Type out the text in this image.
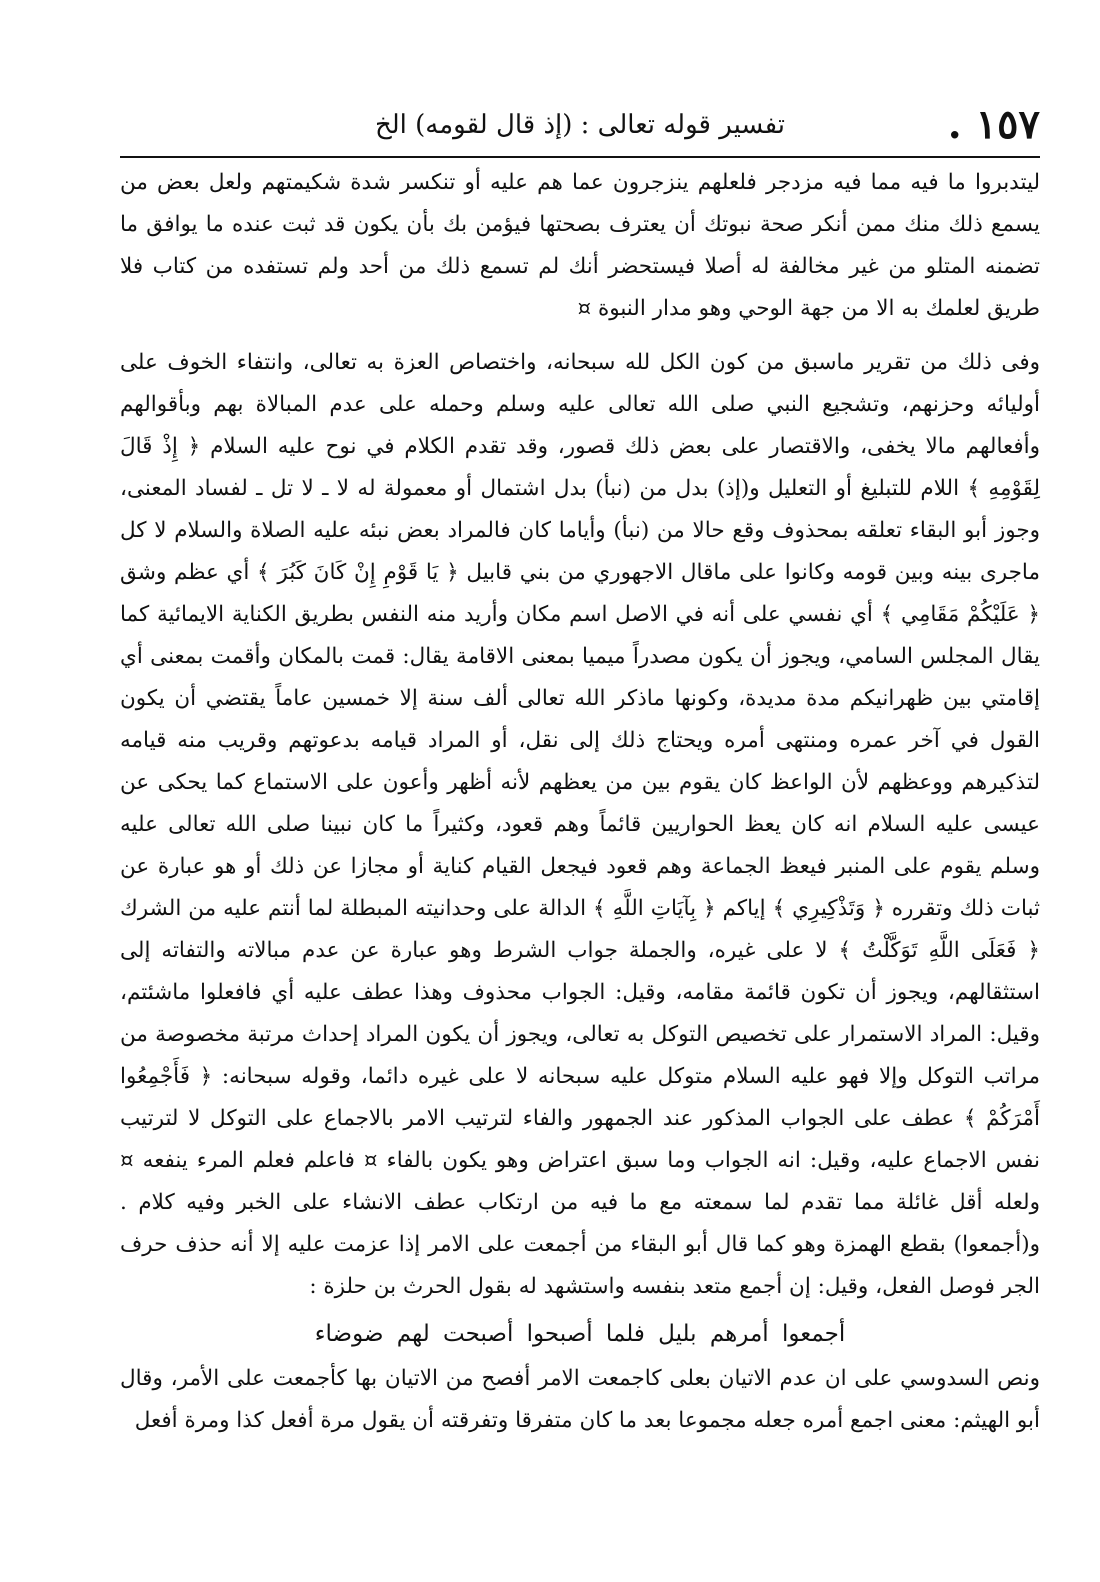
١٥٧ .
تفسير قوله تعالى : (إذ قال لقومه) الخ

ليتدبروا ما فيه مما فيه مزدجر فلعلهم ينزجرون عما هم عليه أو تنكسر شدة شكيمتهم ولعل بعض من يسمع ذلك منك ممن أنكر صحة نبوتك أن يعترف بصحتها فيؤمن بك بأن يكون قد ثبت عنده ما يوافق ما تضمنه المتلو من غير مخالفة له أصلا فيستحضر أنك لم تسمع ذلك من أحد ولم تستفده من كتاب فلا طريق لعلمك به الا من جهة الوحي وهو مدار النبوة ¤

وفى ذلك من تقرير ماسبق من كون الكل لله سبحانه، واختصاص العزة به تعالى، وانتفاء الخوف على أوليائه وحزنهم، وتشجيع النبي صلى الله تعالى عليه وسلم وحمله على عدم المبالاة بهم وبأقوالهم وأفعالهم مالا يخفى، والاقتصار على بعض ذلك قصور، وقد تقدم الكلام في نوح عليه السلام ﴿ إِذْ قَالَ لِقَوْمِهِ ﴾ اللام للتبليغ أو التعليل و(إذ) بدل من (نبأ) بدل اشتمال أو معمولة له لا ـ لا تل ـ لفساد المعنى، وجوز أبو البقاء تعلقه بمحذوف وقع حالا من (نبأ) وأياما كان فالمراد بعض نبئه عليه الصلاة والسلام لا كل ماجرى بينه وبين قومه وكانوا على ماقال الاجهوري من بني قابيل ﴿ يَا قَوْمِ إِنْ كَانَ كَبُرَ ﴾ أي عظم وشق ﴿ عَلَيْكُمْ مَقَامِي ﴾ أي نفسي على أنه في الاصل اسم مكان وأريد منه النفس بطريق الكناية الايمائية كما يقال المجلس السامي، ويجوز أن يكون مصدراً ميميا بمعنى الاقامة يقال: قمت بالمكان وأقمت بمعنى أي إقامتي بين ظهرانيكم مدة مديدة، وكونها ماذكر الله تعالى ألف سنة إلا خمسين عاماً يقتضي أن يكون القول في آخر عمره ومنتهى أمره ويحتاج ذلك إلى نقل، أو المراد قيامه بدعوتهم وقريب منه قيامه لتذكيرهم ووعظهم لأن الواعظ كان يقوم بين من يعظهم لأنه أظهر وأعون على الاستماع كما يحكى عن عيسى عليه السلام انه كان يعظ الحواريين قائماً وهم قعود، وكثيراً ما كان نبينا صلى الله تعالى عليه وسلم يقوم على المنبر فيعظ الجماعة وهم قعود فيجعل القيام كناية أو مجازا عن ذلك أو هو عبارة عن ثبات ذلك وتقرره ﴿ وَتَذْكِيرِي ﴾ إياكم ﴿ بِآيَاتِ اللَّهِ ﴾ الدالة على وحدانيته المبطلة لما أنتم عليه من الشرك ﴿ فَعَلَى اللَّهِ تَوَكَّلْتُ ﴾ لا على غيره، والجملة جواب الشرط وهو عبارة عن عدم مبالاته والتفاته إلى استثقالهم، ويجوز أن تكون قائمة مقامه، وقيل: الجواب محذوف وهذا عطف عليه أي فافعلوا ماشئتم، وقيل: المراد الاستمرار على تخصيص التوكل به تعالى، ويجوز أن يكون المراد إحداث مرتبة مخصوصة من مراتب التوكل وإلا فهو عليه السلام متوكل عليه سبحانه لا على غيره دائما، وقوله سبحانه: ﴿ فَأَجْمِعُوا أَمْرَكُمْ ﴾ عطف على الجواب المذكور عند الجمهور والفاء لترتيب الامر بالاجماع على التوكل لا لترتيب نفس الاجماع عليه، وقيل: انه الجواب وما سبق اعتراض وهو يكون بالفاء ¤ فاعلم فعلم المرء ينفعه ¤ ولعله أقل غائلة مما تقدم لما سمعته مع ما فيه من ارتكاب عطف الانشاء على الخبر وفيه كلام . و(أجمعوا) بقطع الهمزة وهو كما قال أبو البقاء من أجمعت على الامر إذا عزمت عليه إلا أنه حذف حرف الجر فوصل الفعل، وقيل: إن أجمع متعد بنفسه واستشهد له بقول الحرث بن حلزة :

أجمعوا أمرهم بليل فلما أصبحوا أصبحت لهم ضوضاء

ونص السدوسي على ان عدم الاتيان بعلى كاجمعت الامر أفصح من الاتيان بها كأجمعت على الأمر، وقال أبو الهيثم: معنى اجمع أمره جعله مجموعا بعد ما كان متفرقا وتفرقته أن يقول مرة أفعل كذا ومرة أفعل
